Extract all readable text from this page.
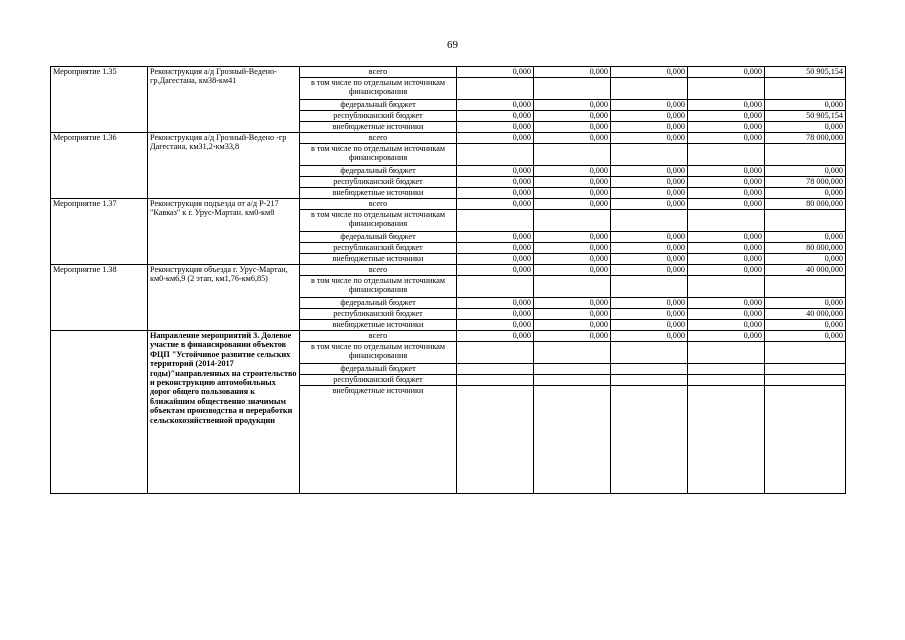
69
Мероприятие 1.35	Реконструкция а/д Грозный-Ведено-гр.Дагестана, км38-км41	всего	0,000	0,000	0,000	0,000	50 905,154
		в том числе по отдельным источникам финансирования					
		федеральный бюджет	0,000	0,000	0,000	0,000	0,000
		республиканский бюджет	0,000	0,000	0,000	0,000	50 905,154
		внебюджетные источники	0,000	0,000	0,000	0,000	0,000
Мероприятие 1.36	Реконструкция а/д Грозный-Ведено -гр Дагестана, км31,2-км33,8	всего	0,000	0,000	0,000	0,000	78 000,000
		в том числе по отдельным источникам финансирования					
		федеральный бюджет	0,000	0,000	0,000	0,000	0,000
		республиканский бюджет	0,000	0,000	0,000	0,000	78 000,000
		внебюджетные источники	0,000	0,000	0,000	0,000	0,000
Мероприятие 1.37	Реконструкция подъезда от а/д Р-217 "Кавказ" к г. Урус-Мартан. км0-км8	всего	0,000	0,000	0,000	0,000	80 000,000
		в том числе по отдельным источникам финансирования					
		федеральный бюджет	0,000	0,000	0,000	0,000	0,000
		республиканский бюджет	0,000	0,000	0,000	0,000	80 000,000
		внебюджетные источники	0,000	0,000	0,000	0,000	0,000
Мероприятие 1.38	Реконструкция объезда г. Урус-Мартан, км0-км6,9 (2 этап, км1,76-км6,85)	всего	0,000	0,000	0,000	0,000	40 000,000
		в том числе по отдельным источникам финансирования					
		федеральный бюджет	0,000	0,000	0,000	0,000	0,000
		республиканский бюджет	0,000	0,000	0,000	0,000	40 000,000
		внебюджетные источники	0,000	0,000	0,000	0,000	0,000
	Направление мероприятий 3. Долевое участие в финансировании объектов ФЦП "Устойчивое развитие сельских территорий (2014-2017 годы)"направленных на строительство и реконструкцию автомобильных дорог общего пользования к ближайшим общественно значимым объектам производства и переработки сельскохозяйственной продукции	всего	0,000	0,000	0,000	0,000	0,000
		в том числе по отдельным источникам финансирования					
		федеральный бюджет					
		республиканский бюджет					
		внебюджетные источники					
